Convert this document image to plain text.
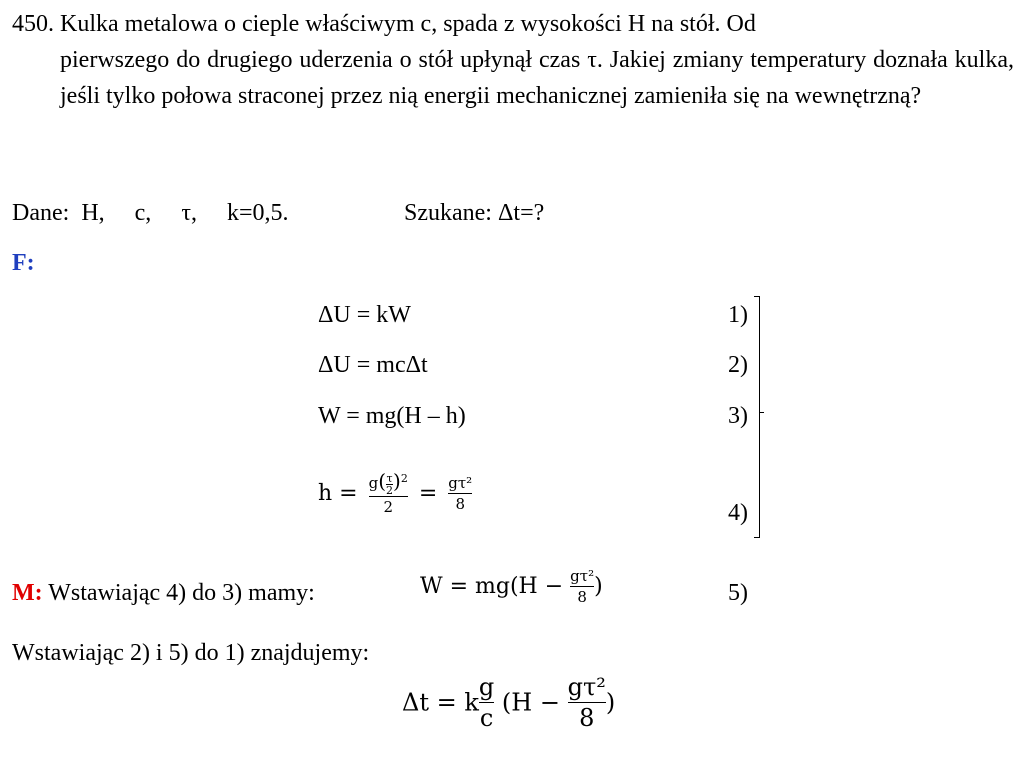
450. Kulka metalowa o cieple właściwym c, spada z wysokości H na stół. Od
pierwszego do drugiego uderzenia o stół upłynął czas τ. Jakiej zmiany temperatury doznała kulka, jeśli tylko połowa straconej przez nią energii mechanicznej zamieniła się na wewnętrzną?
Dane: H, c, τ, k=0,5.	Szukane: Δt=?
F:
ΔU = kW	1)
ΔU = mcΔt	2)
W = mg(H – h)	3)
$h = \frac{g( \frac{\tau}{2} )^2}{2} = \frac{\text{gτ²}}{8}$	4)
M: Wstawiając 4) do 3) mamy:	$W = mg(H - \frac{\text{gτ²}}{8}$ )	5)
Wstawiając 2) i 5) do 1) znajdujemy:
Δt = k $\frac{g}{c} (H - \frac{\text{gτ²}}{8}$ )
